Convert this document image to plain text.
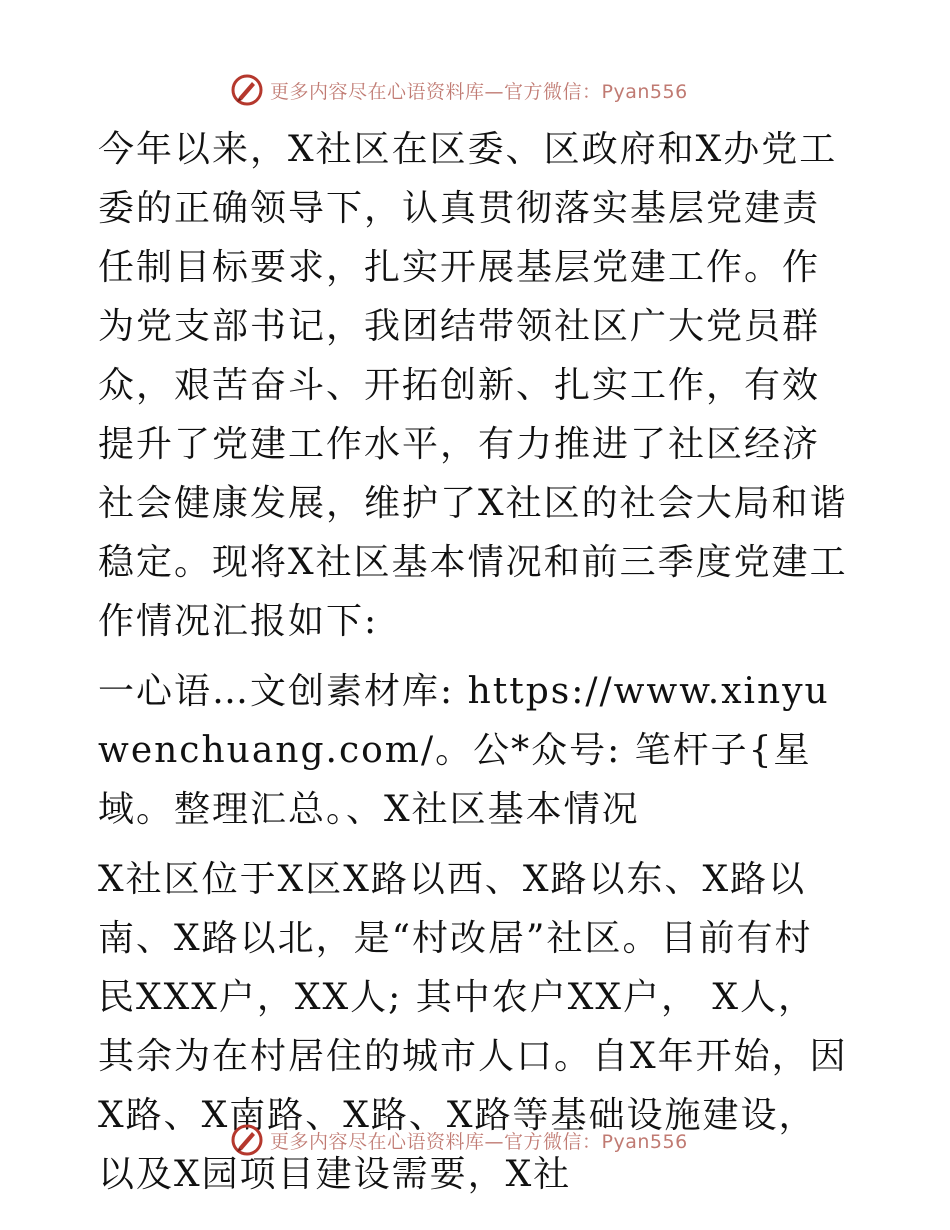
更多内容尽在心语资料库—官方微信：Pyan556

今年以来，X社区在区委、区政府和X办党工委的正确领导下，认真贯彻落实基层党建责任制目标要求，扎实开展基层党建工作。作为党支部书记，我团结带领社区广大党员群众，艰苦奋斗、开拓创新、扎实工作，有效提升了党建工作水平，有力推进了社区经济社会健康发展，维护了X社区的社会大局和谐稳定。现将X社区基本情况和前三季度党建工作情况汇报如下:

一心语…文创素材库: https://www.xinyuwenchuang.com/。公*众号: 笔杆子{星域。整理汇总。、X社区基本情况

X社区位于X区X路以西、X路以东、X路以南、X路以北，是“村改居”社区。目前有村民XXX户，XX人; 其中农户XX户， X人，其余为在村居住的城市人口。自X年开始，因X路、X南路、X路、X路等基础设施建设，以及X园项目建设需要，X社

更多内容尽在心语资料库—官方微信：Pyan556
